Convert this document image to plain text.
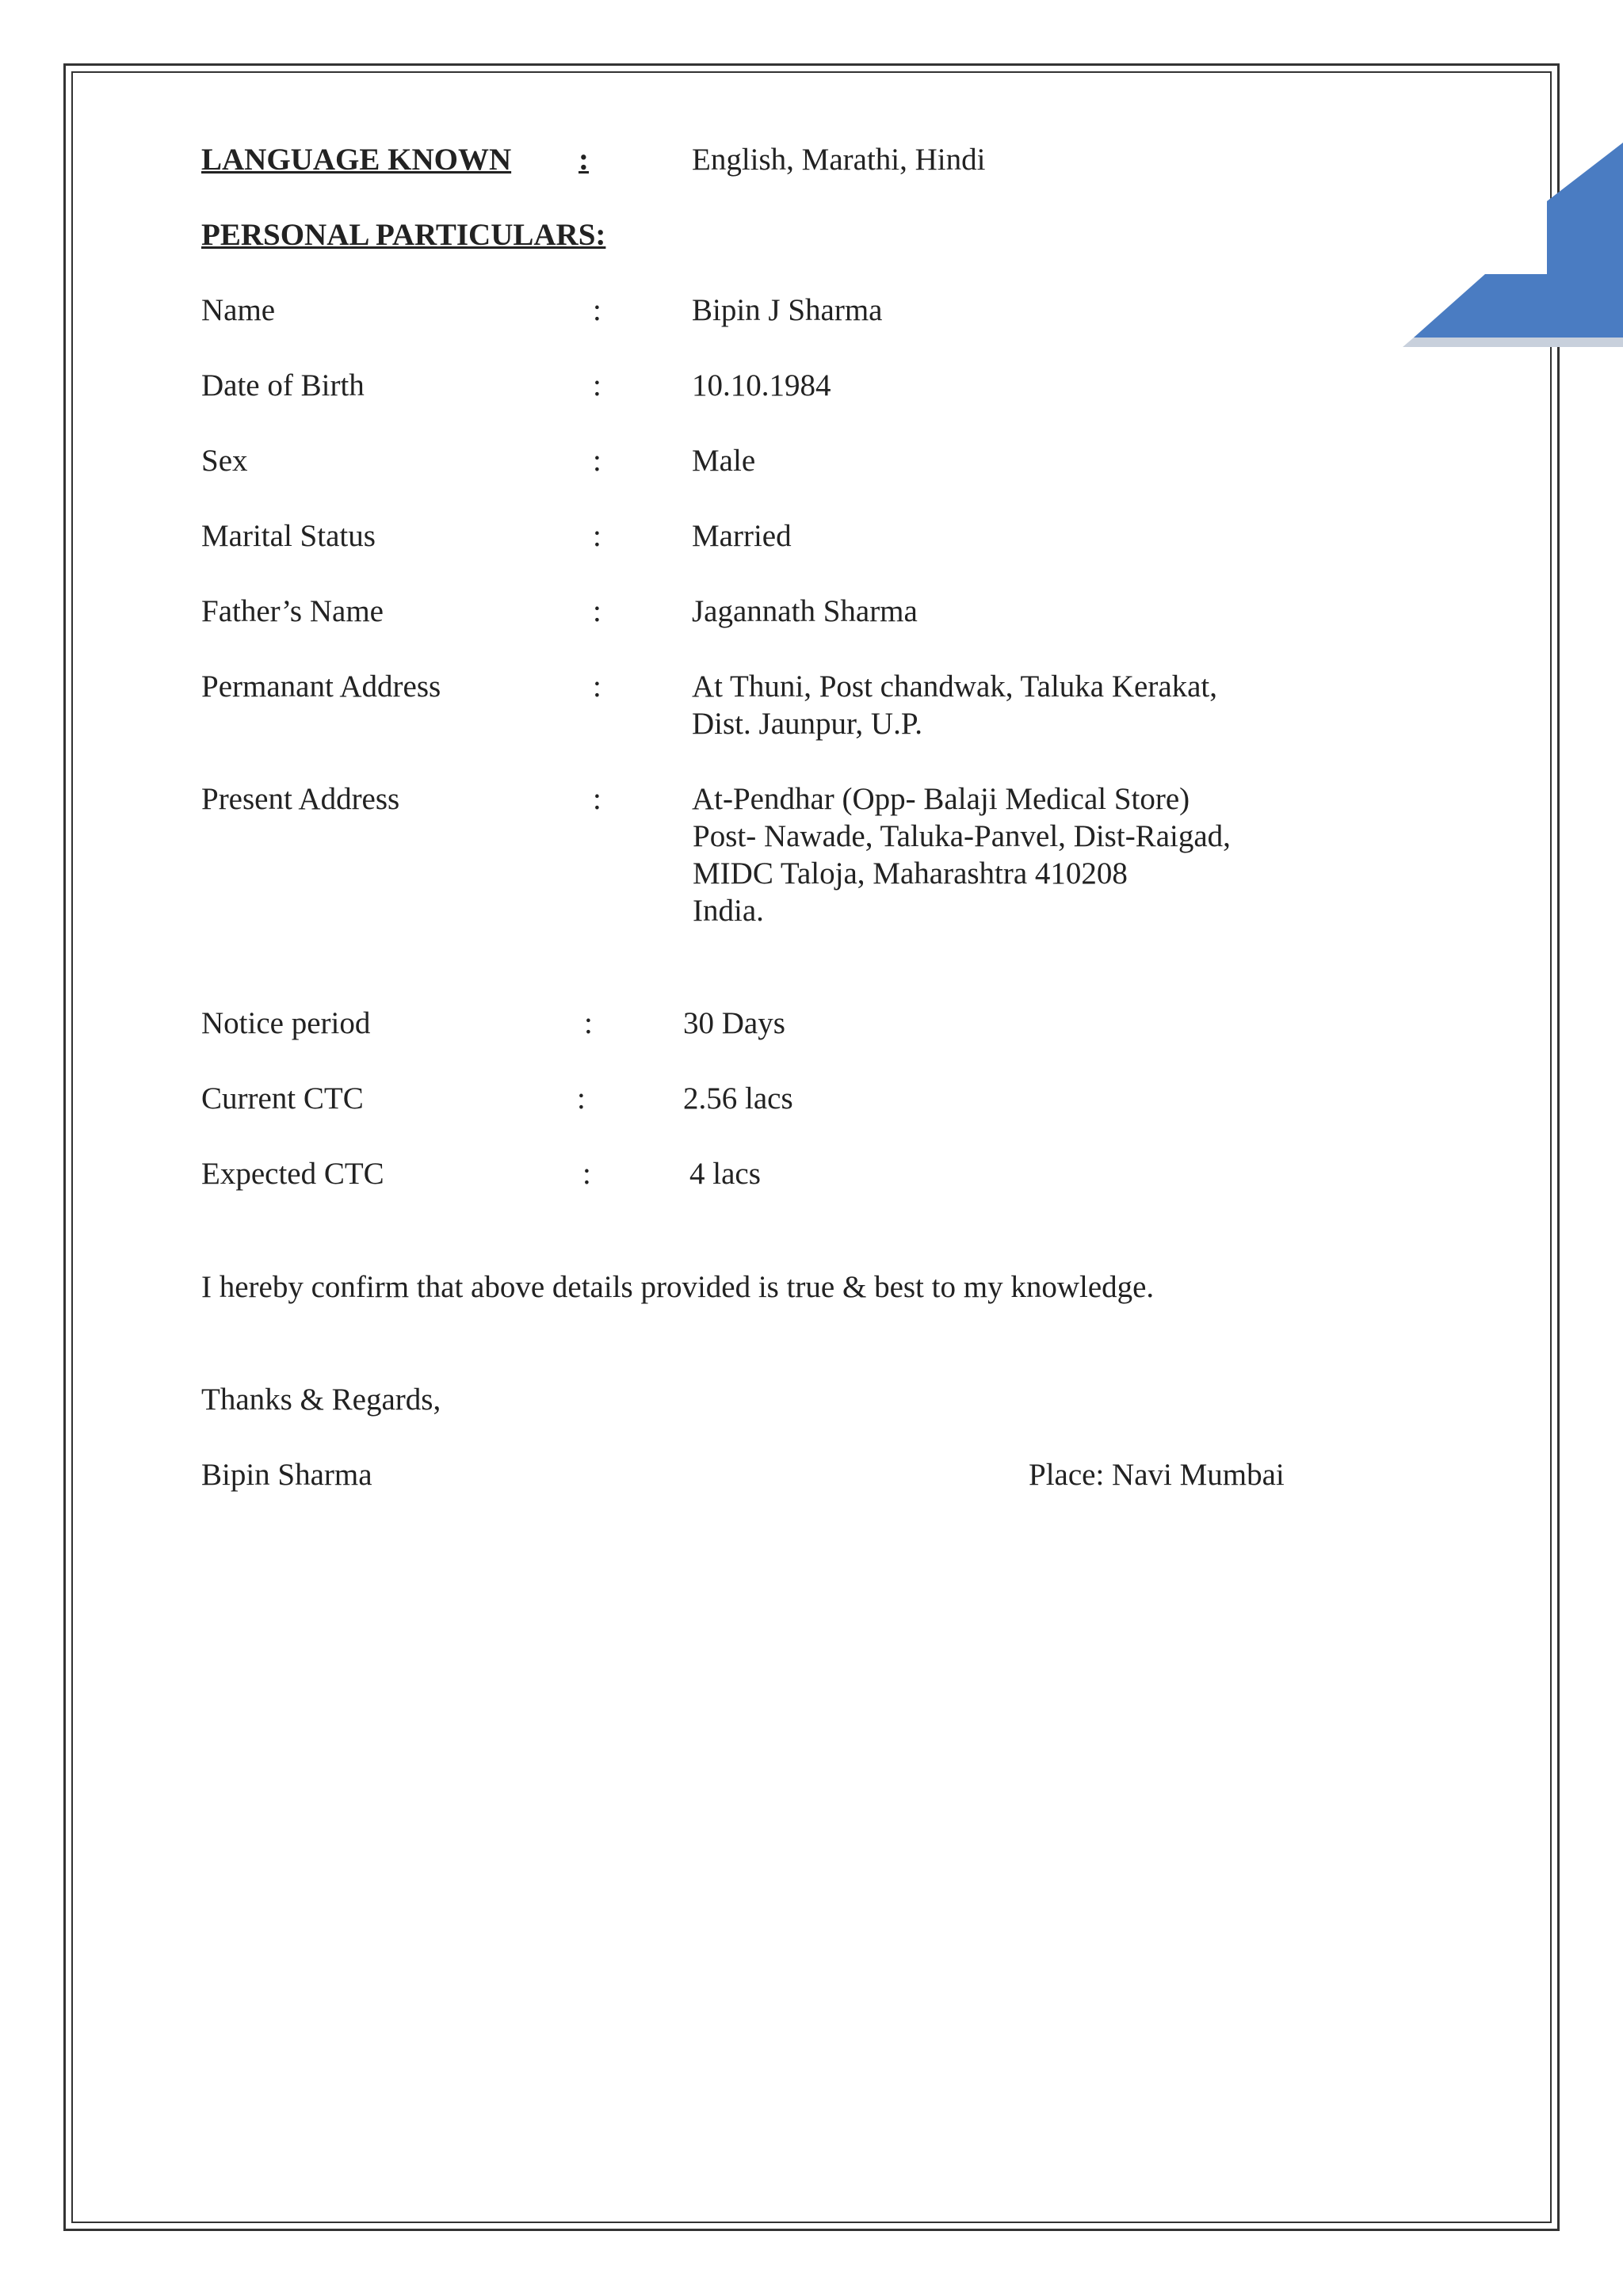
LANGUAGE KNOWN :	English, Marathi, Hindi
PERSONAL PARTICULARS:
Name	:	Bipin J Sharma
Date of Birth	:	10.10.1984
Sex	:	Male
Marital Status	:	Married
Father’s Name	:	Jagannath Sharma
Permanant Address	:	At Thuni, Post chandwak, Taluka Kerakat,
Dist. Jaunpur, U.P.
Present Address	:	At-Pendhar (Opp- Balaji Medical Store)
Post- Nawade, Taluka-Panvel, Dist-Raigad,
MIDC Taloja, Maharashtra 410208
India.
Notice period	:	30 Days
Current CTC	:	2.56 lacs
Expected CTC	:	4 lacs
I hereby confirm that above details provided is true & best to my knowledge.
Thanks & Regards,
Bipin Sharma	Place: Navi Mumbai
